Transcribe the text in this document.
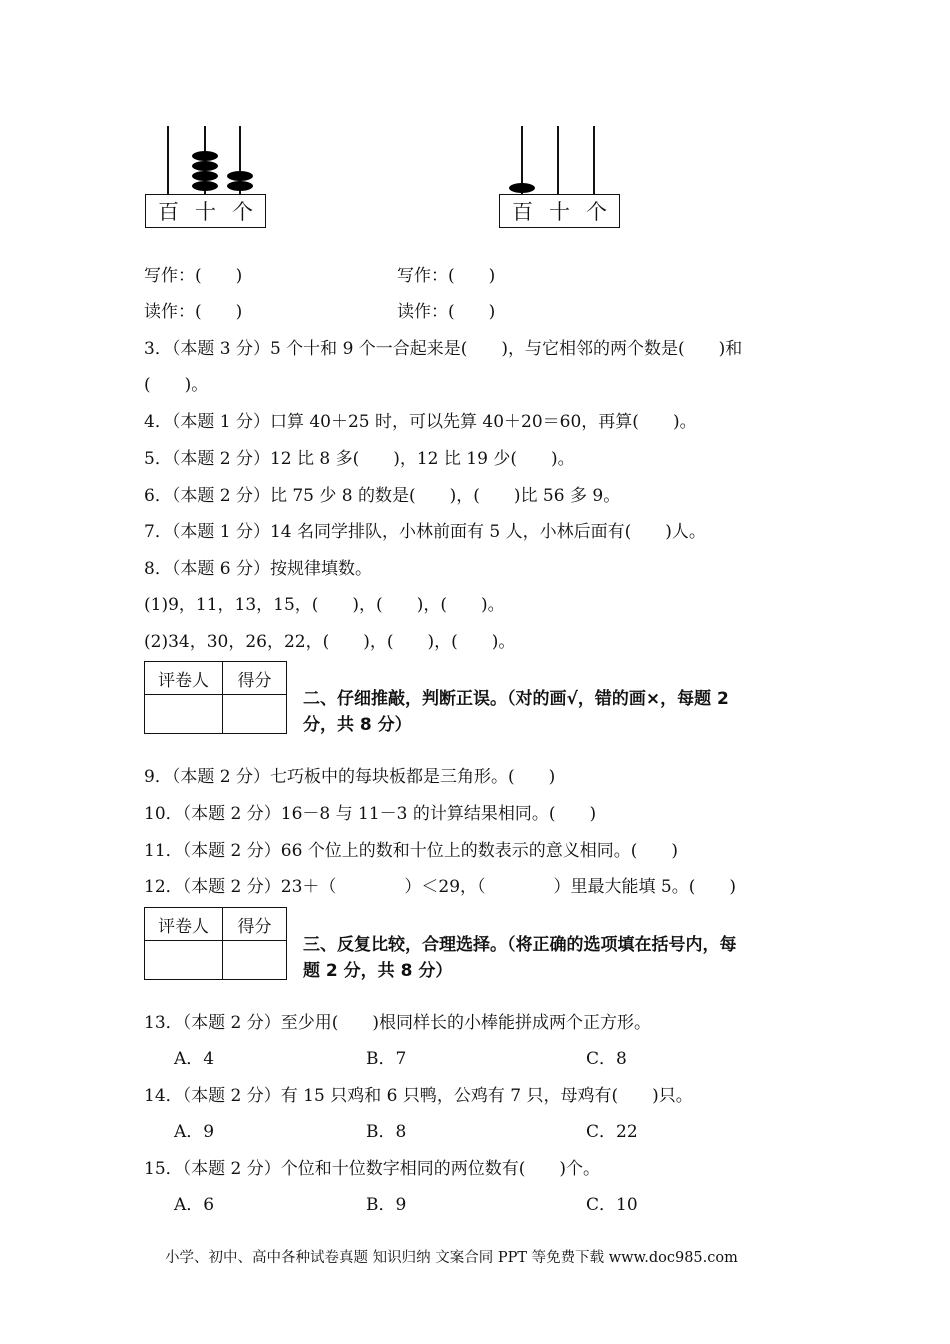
百 十 个	百 十 个
写作：(　　)	写作：(　　)
读作：(　　)	读作：(　　)
3．（本题 3 分）5 个十和 9 个一合起来是(　　)，与它相邻的两个数是(　　)和
(　　)。
4．（本题 1 分）口算 40＋25 时，可以先算 40＋20＝60，再算(　　)。
5．（本题 2 分）12 比 8 多(　　)，12 比 19 少(　　)。
6．（本题 2 分）比 75 少 8 的数是(　　)，(　　)比 56 多 9。
7．（本题 1 分）14 名同学排队，小林前面有 5 人，小林后面有(　　)人。
8．（本题 6 分）按规律填数。
(1)9，11，13，15，(　　)，(　　)，(　　)。
(2)34，30，26，22，(　　)，(　　)，(　　)。
评卷人	得分

二、仔细推敲，判断正误。（对的画√，错的画×，每题 2
分，共 8 分）
9．（本题 2 分）七巧板中的每块板都是三角形。(　　)
10．（本题 2 分）16－8 与 11－3 的计算结果相同。(　　)
11．（本题 2 分）66 个位上的数和十位上的数表示的意义相同。(　　)
12．（本题 2 分）23＋（　　　　）＜29，（　　　　）里最大能填 5。(　　)
评卷人	得分

三、反复比较，合理选择。（将正确的选项填在括号内，每
题 2 分，共 8 分）
13．（本题 2 分）至少用(　　)根同样长的小棒能拼成两个正方形。
A．4	B．7	C．8
14．（本题 2 分）有 15 只鸡和 6 只鸭，公鸡有 7 只，母鸡有(　　)只。
A．9	B．8	C．22
15．（本题 2 分）个位和十位数字相同的两位数有(　　)个。
A．6	B．9	C．10
小学、初中、高中各种试卷真题 知识归纳 文案合同 PPT 等免费下载 www.doc985.com
